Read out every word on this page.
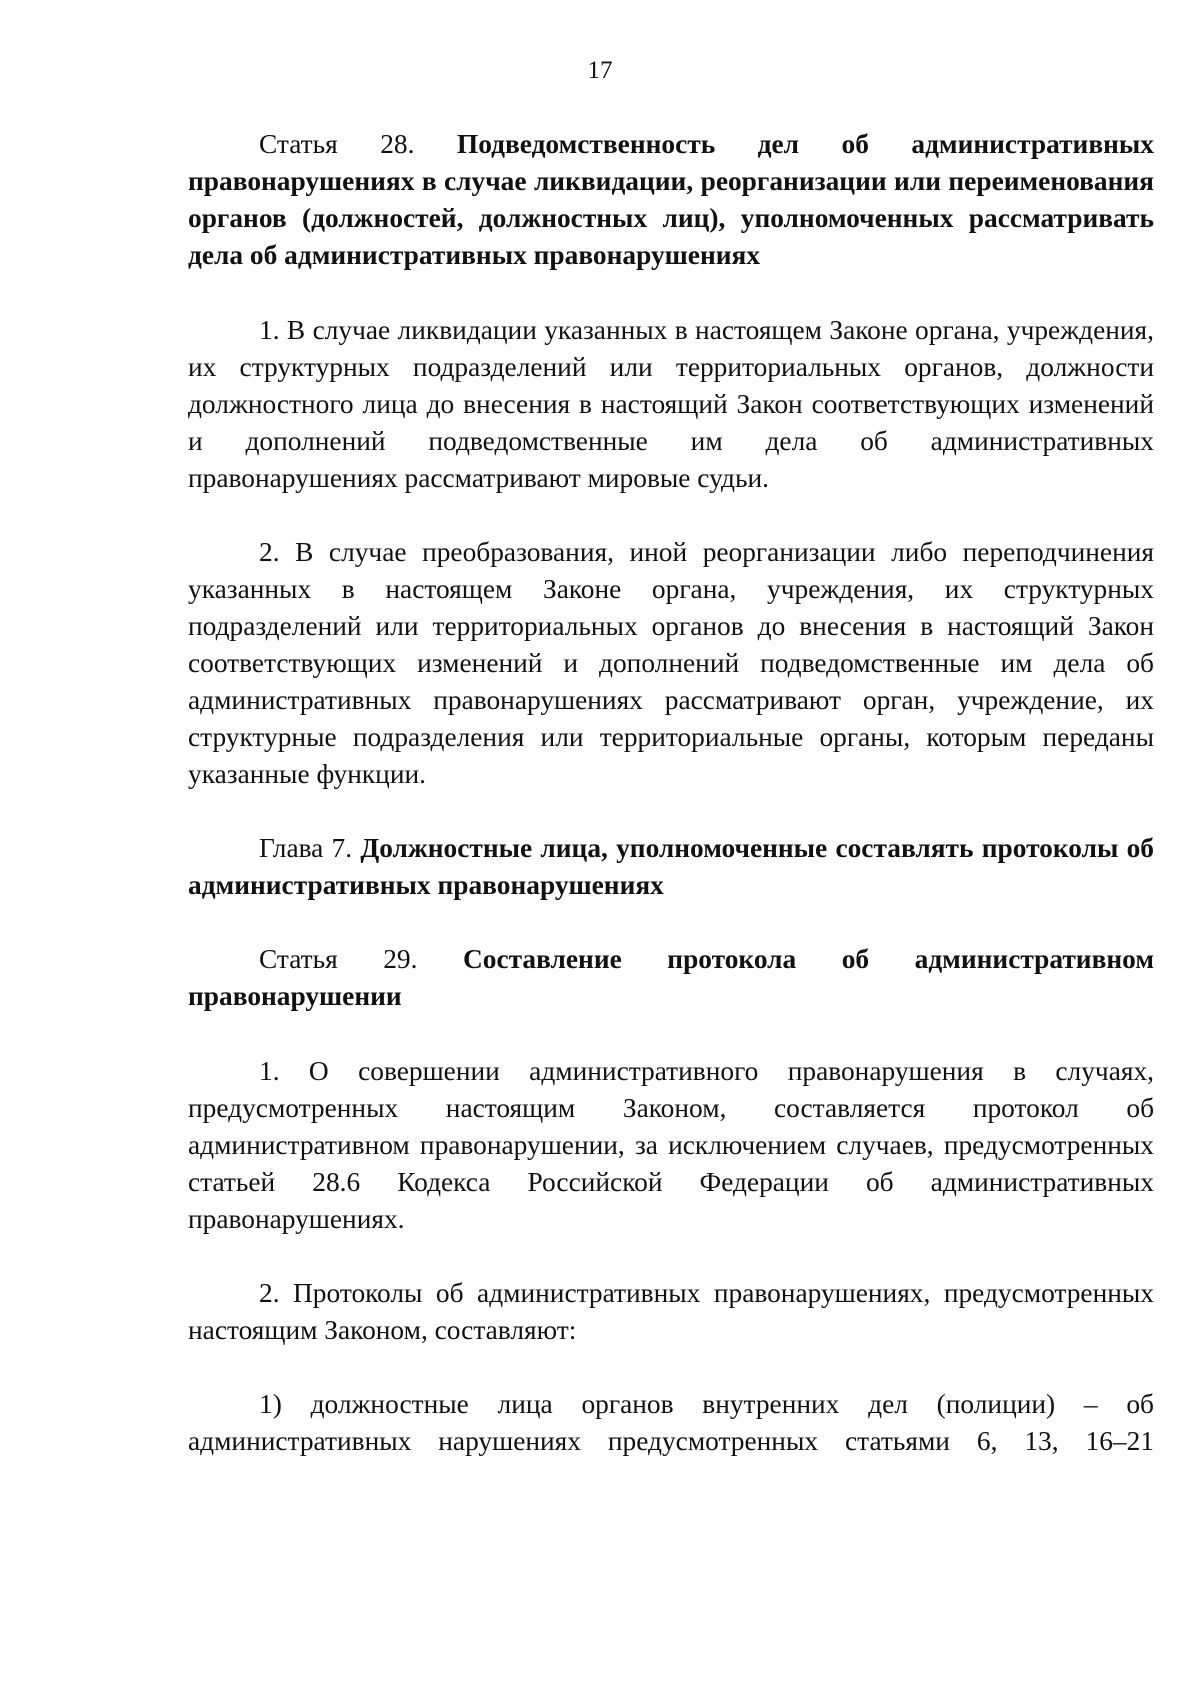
17

Статья 28. Подведомственность дел об административных правонарушениях в случае ликвидации, реорганизации или переименования органов (должностей, должностных лиц), уполномоченных рассматривать дела об административных правонарушениях

1. В случае ликвидации указанных в настоящем Законе органа, учреждения, их структурных подразделений или территориальных органов, должности должностного лица до внесения в настоящий Закон соответствующих изменений и дополнений подведомственные им дела об административных правонарушениях рассматривают мировые судьи.

2. В случае преобразования, иной реорганизации либо переподчинения указанных в настоящем Законе органа, учреждения, их структурных подразделений или территориальных органов до внесения в настоящий Закон соответствующих изменений и дополнений подведомственные им дела об административных правонарушениях рассматривают орган, учреждение, их структурные подразделения или территориальные органы, которым переданы указанные функции.

Глава 7. Должностные лица, уполномоченные составлять протоколы об административных правонарушениях

Статья 29. Составление протокола об административном правонарушении

1. О совершении административного правонарушения в случаях, предусмотренных настоящим Законом, составляется протокол об административном правонарушении, за исключением случаев, предусмотренных статьей 28.6 Кодекса Российской Федерации об административных правонарушениях.

2. Протоколы об административных правонарушениях, предусмотренных настоящим Законом, составляют:

1) должностные лица органов внутренних дел (полиции) – об административных нарушениях предусмотренных статьями 6, 13, 16–21
